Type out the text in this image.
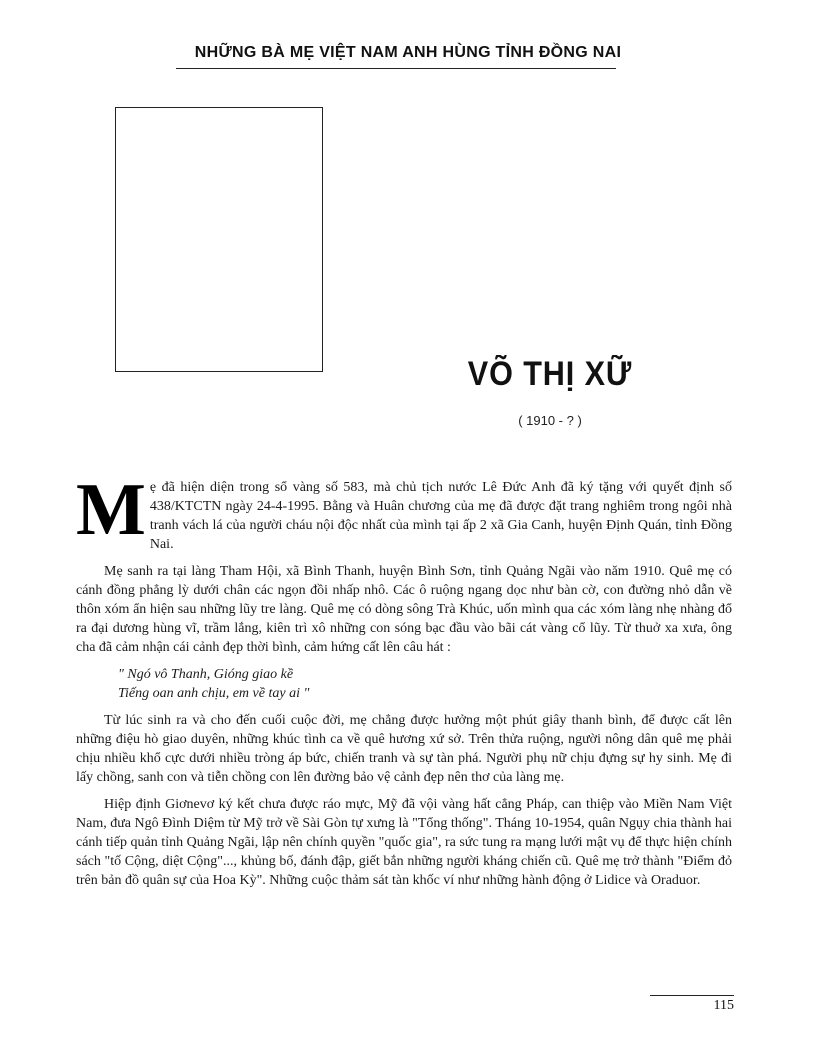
NHỮNG BÀ MẸ VIỆT NAM ANH HÙNG TỈNH ĐỒNG NAI
VÕ THỊ XỮ
( 1910 - ? )

Mẹ đã hiện diện trong sổ vàng số 583, mà chủ tịch nước Lê Đức Anh đã ký tặng với quyết định số 438/KTCTN ngày 24-4-1995. Bằng và Huân chương của mẹ đã được đặt trang nghiêm trong ngôi nhà tranh vách lá của người cháu nội độc nhất của mình tại ấp 2 xã Gia Canh, huyện Định Quán, tỉnh Đồng Nai.

Mẹ sanh ra tại làng Tham Hội, xã Bình Thanh, huyện Bình Sơn, tỉnh Quảng Ngãi vào năm 1910. Quê mẹ có cánh đồng phẳng lỳ dưới chân các ngọn đồi nhấp nhô. Các ô ruộng ngang dọc như bàn cờ, con đường nhỏ dẫn về thôn xóm ẩn hiện sau những lũy tre làng. Quê mẹ có dòng sông Trà Khúc, uốn mình qua các xóm làng nhẹ nhàng đổ ra đại dương hùng vĩ, trầm lắng, kiên trì xô những con sóng bạc đầu vào bãi cát vàng cổ lũy. Từ thuở xa xưa, ông cha đã cảm nhận cái cảnh đẹp thời bình, cảm hứng cất lên câu hát :

" Ngó vô Thanh, Gióng giao kề
Tiếng oan anh chịu, em về tay ai "

Từ lúc sinh ra và cho đến cuối cuộc đời, mẹ chẳng được hưởng một phút giây thanh bình, để được cất lên những điệu hò giao duyên, những khúc tình ca về quê hương xứ sở. Trên thửa ruộng, người nông dân quê mẹ phải chịu nhiều khổ cực dưới nhiều tròng áp bức, chiến tranh và sự tàn phá. Người phụ nữ chịu đựng sự hy sinh. Mẹ đi lấy chồng, sanh con và tiễn chồng con lên đường bảo vệ cảnh đẹp nên thơ của làng mẹ.

Hiệp định Giơnevơ ký kết chưa được ráo mực, Mỹ đã vội vàng hất cẳng Pháp, can thiệp vào Miền Nam Việt Nam, đưa Ngô Đình Diệm từ Mỹ trở về Sài Gòn tự xưng là "Tổng thống". Tháng 10-1954, quân Ngụy chia thành hai cánh tiếp quản tỉnh Quảng Ngãi, lập nên chính quyền "quốc gia", ra sức tung ra mạng lưới mật vụ để thực hiện chính sách "tố Cộng, diệt Cộng"..., khủng bố, đánh đập, giết bắn những người kháng chiến cũ. Quê mẹ trở thành "Điểm đỏ trên bản đồ quân sự của Hoa Kỳ". Những cuộc thảm sát tàn khốc ví như những hành động ở Lidice và Oraduor.

115
